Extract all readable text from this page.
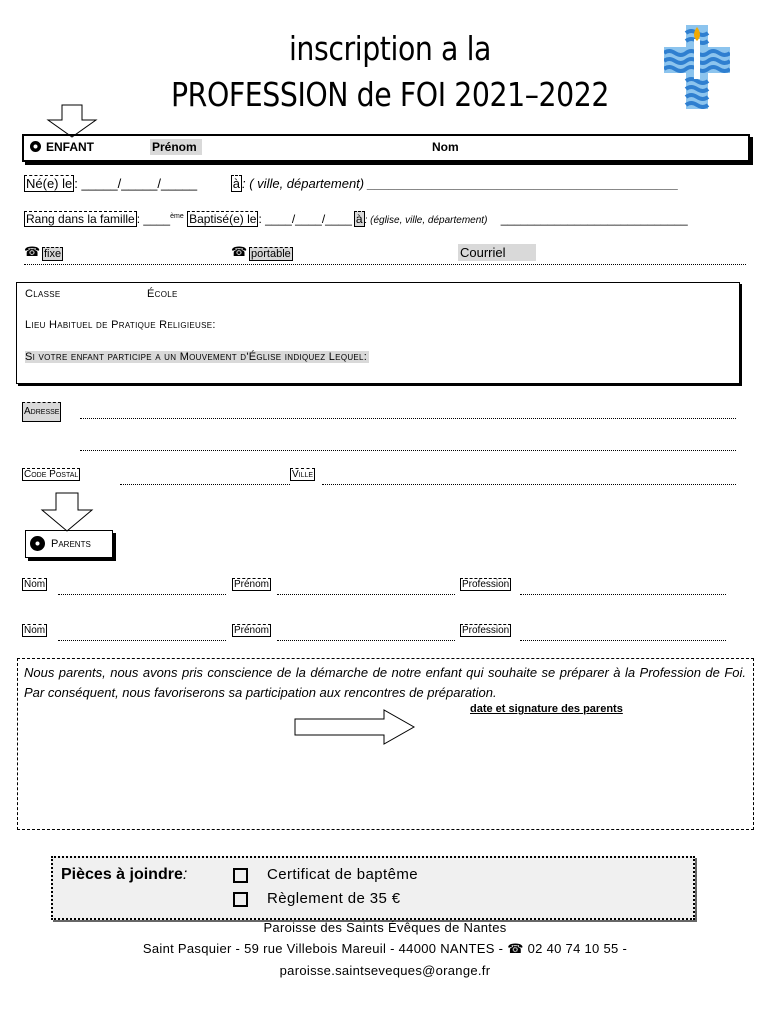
inscription a la
PROFESSION de FOI 2021–2022
ENFANT	Prénom	Nom
Né(e) le : _____/_____/_____	à : ( ville, département) ___________________________________________
Rang dans la famille : ____$^{ème}$ Baptisé(e) le : ____/____/____ à : (église, ville, département) ____________________________
☎ fixe	☎ portable	Courriel
Classe	École
Lieu Habituel de Pratique Religieuse:
Si votre enfant participe a un Mouvement d'Église indiquez Lequel:
Adresse
Code Postal	Ville
Parents
Nom	Prénom	Profession
Nom	Prénom	Profession
Nous parents, nous avons pris conscience de la démarche de notre enfant qui souhaite se préparer à la Profession de Foi. Par conséquent, nous favoriserons sa participation aux rencontres de préparation.
date et signature des parents
Pièces à joindre:	Certificat de baptême
Règlement de 35 €
Paroisse des Saints Évêques de Nantes
Saint Pasquier - 59 rue Villebois Mareuil - 44000 NANTES - ☎ 02 40 74 10 55 -
paroisse.saintseveques@orange.fr
